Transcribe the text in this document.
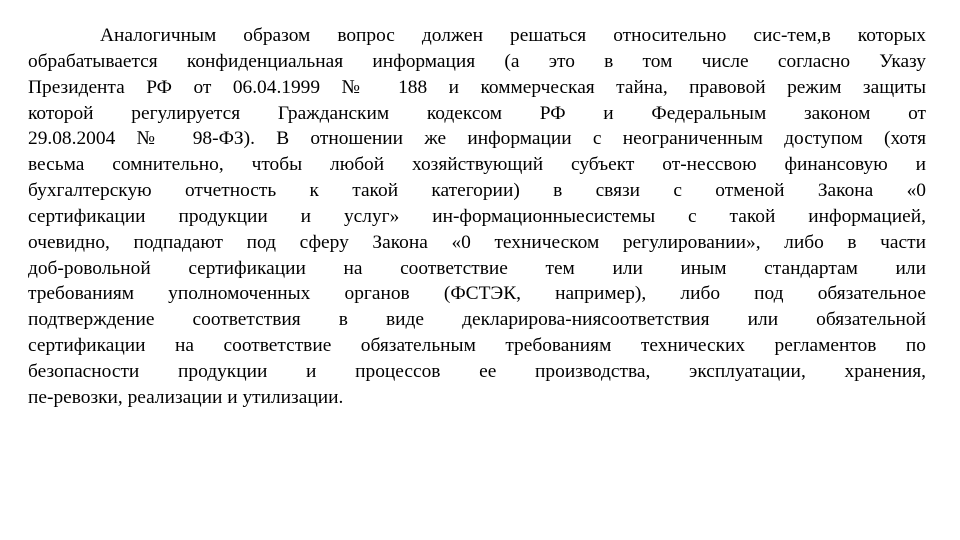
Аналогичным образом вопрос должен решаться относительно сис-тем,в которых
обрабатывается конфиденциальная информация (а это в том числе согласно Указу
Президента РФ от 06.04.1999 № 188 и коммерческая тайна, правовой режим защиты
которой регулируется Гражданским кодексом РФ и Федеральным законом от
29.08.2004 № 98-ФЗ). В отношении же информации с неограниченным доступом (хотя
весьма сомнительно, чтобы любой хозяйствующий субъект от-нессвою финансовую и
бухгалтерскую отчетность к такой категории) в связи с отменой Закона «0
сертификации продукции и услуг» ин-формационныесистемы с такой информацией,
очевидно, подпадают под сферу Закона «0 техническом регулировании», либо в части
доб-ровольной сертификации на соответствие тем или иным стандартам или
требованиям уполномоченных органов (ФСТЭК, например), либо под обязательное
подтверждение соответствия в виде декларирова-ниясоответствия или обязательной
сертификации на соответствие обязательным требованиям технических регламентов по
безопасности продукции и процессов ее производства, эксплуатации, хранения,
пе-ревозки, реализации и утилизации.
